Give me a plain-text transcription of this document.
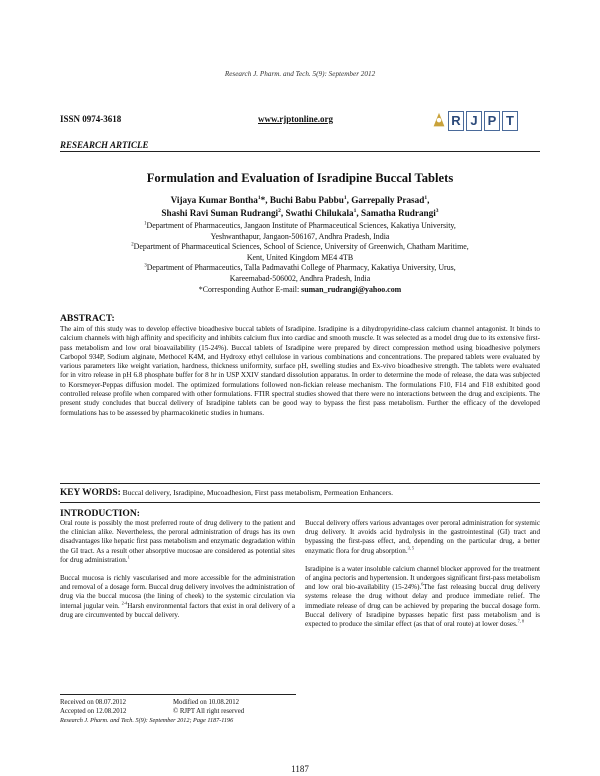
Research J. Pharm. and Tech. 5(9): September 2012
ISSN 0974-3618	www.rjptonline.org	R J P T
RESEARCH ARTICLE
Formulation and Evaluation of Isradipine Buccal Tablets
Vijaya Kumar Bontha$^1$*, Buchi Babu Pabbu$^1$, Garrepally Prasad$^1$,
Shashi Ravi Suman Rudrangi$^2$, Swathi Chilukala$^1$, Samatha Rudrangi$^3$
$^1$Department of Pharmaceutics, Jangaon Institute of Pharmaceutical Sciences, Kakatiya University,
Yeshwanthapur, Jangaon-506167, Andhra Pradesh, India
$^2$Department of Pharmaceutical Sciences, School of Science, University of Greenwich, Chatham Maritime,
Kent, United Kingdom ME4 4TB
$^3$Department of Pharmaceutics, Talla Padmavathi College of Pharmacy, Kakatiya University, Urus,
Kareemabad-506002, Andhra Pradesh, India
*Corresponding Author E-mail: suman_rudrangi@yahoo.com
ABSTRACT:
The aim of this study was to develop effective bioadhesive buccal tablets of Isradipine. Isradipine is a dihydropyridine-class calcium channel antagonist. It binds to calcium channels with high affinity and specificity and inhibits calcium flux into cardiac and smooth muscle. It was selected as a model drug due to its extensive first-pass metabolism and low oral bioavailability (15-24%). Buccal tablets of Isradipine were prepared by direct compression method using bioadhesive polymers Carbopol 934P, Sodium alginate, Methocel K4M, and Hydroxy ethyl cellulose in various combinations and concentrations. The prepared tablets were evaluated by various parameters like weight variation, hardness, thickness uniformity, surface pH, swelling studies and Ex-vivo bioadhesive strength. The tablets were evaluated for in vitro release in pH 6.8 phosphate buffer for 8 hr in USP XXIV standard dissolution apparatus. In order to determine the mode of release, the data was subjected to Korsmeyer-Peppas diffusion model. The optimized formulations followed non-fickian release mechanism. The formulations F10, F14 and F18 exhibited good controlled release profile when compared with other formulations. FTIR spectral studies showed that there were no interactions between the drug and excipients. The present study concludes that buccal delivery of Isradipine tablets can be good way to bypass the first pass metabolism. Further the efficacy of the developed formulations has to be assessed by pharmacokinetic studies in humans.
KEY WORDS: Buccal delivery, Isradipine, Mucoadhesion, First pass metabolism, Permeation Enhancers.
INTRODUCTION:

Oral route is possibly the most preferred route of drug delivery to the patient and the clinician alike. Nevertheless, the peroral administration of drugs has its own disadvantages like hepatic first pass metabolism and enzymatic degradation within the GI tract. As a result other absorptive mucosae are considered as potential sites for drug administration.$^1$

Buccal mucosa is richly vascularised and more accessible for the administration and removal of a dosage form. Buccal drug delivery involves the administration of drug via the buccal mucosa (the lining of cheek) to the systemic circulation via internal jugular vein. $^{2-4}$Harsh environmental factors that exist in oral delivery of a drug are circumvented by buccal delivery.

Buccal delivery offers various advantages over peroral administration for systemic drug delivery. It avoids acid hydrolysis in the gastrointestinal (GI) tract and bypassing the first-pass effect, and, depending on the particular drug, a better enzymatic flora for drug absorption.$^{3, 5}$

Isradipine is a water insoluble calcium channel blocker approved for the treatment of angina pectoris and hypertension. It undergoes significant first-pass metabolism and low oral bio-availability (15-24%).$^6$The fast releasing buccal drug delivery systems release the drug without delay and produce immediate relief. The immediate release of drug can be achieved by preparing the buccal dosage form. Buccal delivery of Isradipine bypasses hepatic first pass metabolism and is expected to produce the similar effect (as that of oral route) at lower doses.$^{7, 8}$

Received on 08.07.2012	Modified on 10.08.2012
Accepted on 12.08.2012	© RJPT All right reserved
Research J. Pharm. and Tech. 5(9): September 2012; Page 1187-1196
1187
